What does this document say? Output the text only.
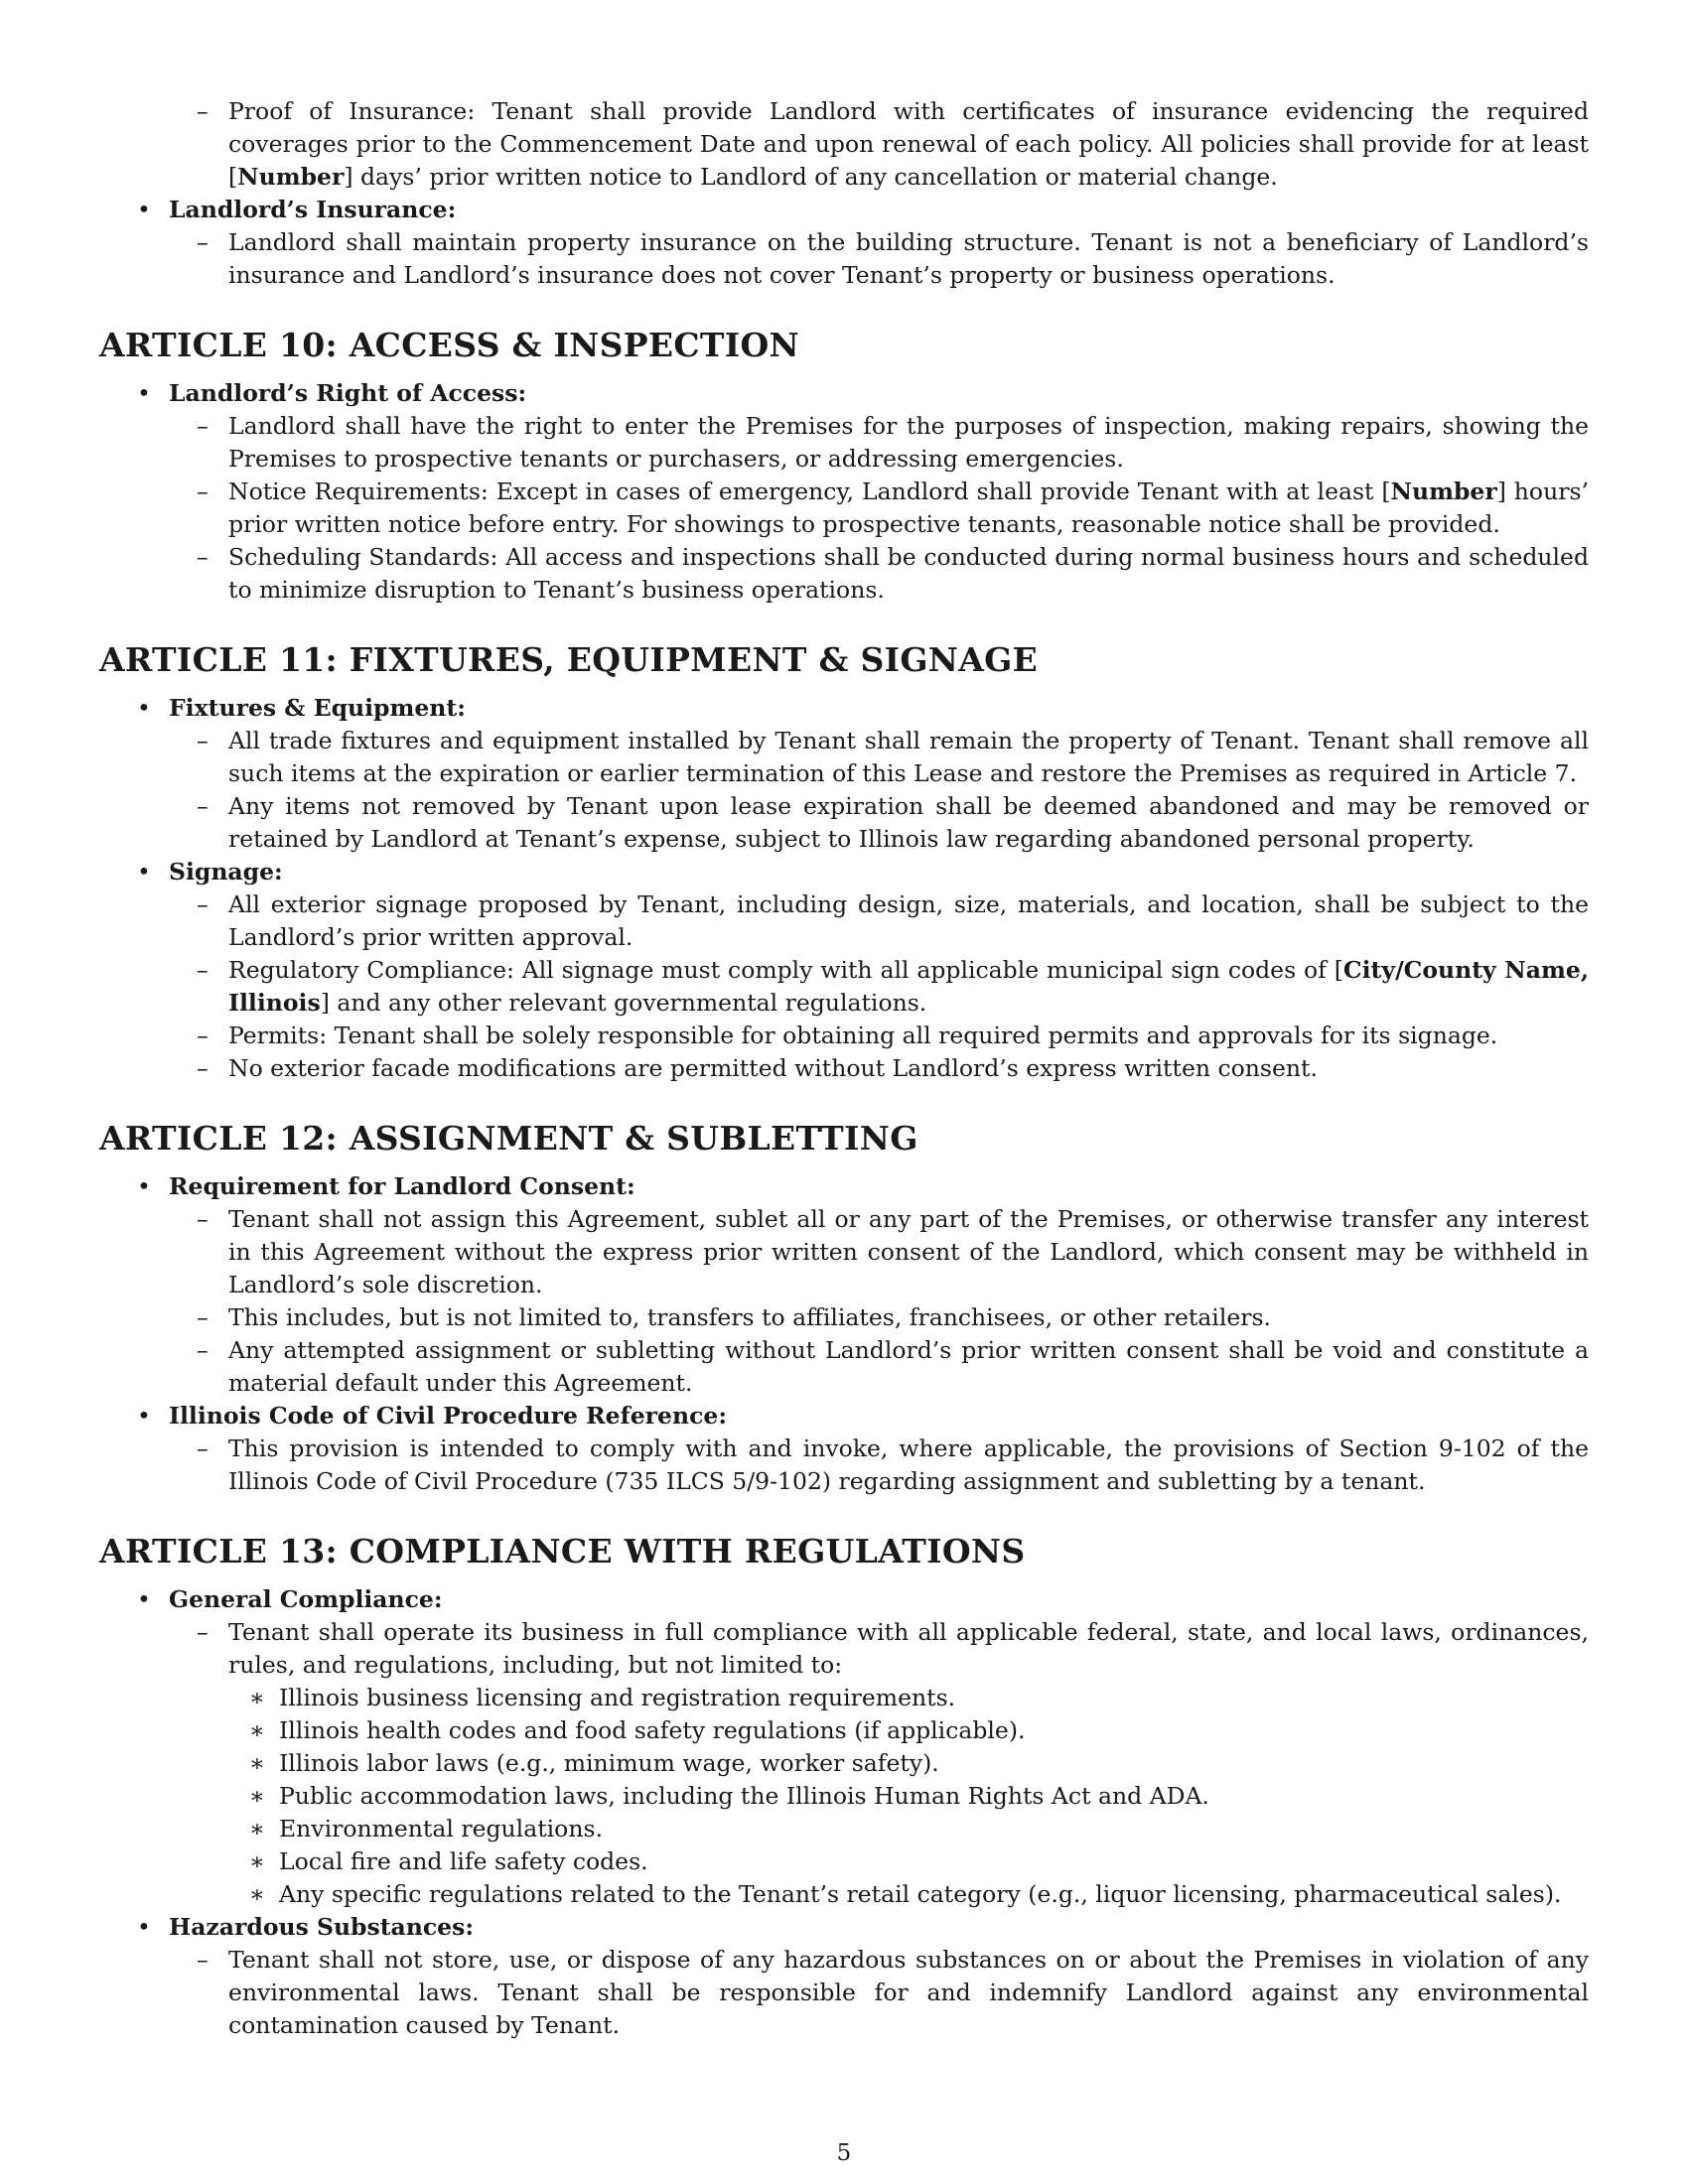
– Proof of Insurance: Tenant shall provide Landlord with certificates of insurance evidencing the required coverages prior to the Commencement Date and upon renewal of each policy. All policies shall provide for at least [Number] days’ prior written notice to Landlord of any cancellation or material change.
• Landlord’s Insurance:
– Landlord shall maintain property insurance on the building structure. Tenant is not a beneficiary of Landlord’s insurance and Landlord’s insurance does not cover Tenant’s property or business operations.
ARTICLE 10: ACCESS & INSPECTION
• Landlord’s Right of Access:
– Landlord shall have the right to enter the Premises for the purposes of inspection, making repairs, showing the Premises to prospective tenants or purchasers, or addressing emergencies.
– Notice Requirements: Except in cases of emergency, Landlord shall provide Tenant with at least [Number] hours’ prior written notice before entry. For showings to prospective tenants, reasonable notice shall be provided.
– Scheduling Standards: All access and inspections shall be conducted during normal business hours and scheduled to minimize disruption to Tenant’s business operations.
ARTICLE 11: FIXTURES, EQUIPMENT & SIGNAGE
• Fixtures & Equipment:
– All trade fixtures and equipment installed by Tenant shall remain the property of Tenant. Tenant shall remove all such items at the expiration or earlier termination of this Lease and restore the Premises as required in Article 7.
– Any items not removed by Tenant upon lease expiration shall be deemed abandoned and may be removed or retained by Landlord at Tenant’s expense, subject to Illinois law regarding abandoned personal property.
• Signage:
– All exterior signage proposed by Tenant, including design, size, materials, and location, shall be subject to the Landlord’s prior written approval.
– Regulatory Compliance: All signage must comply with all applicable municipal sign codes of [City/County Name, Illinois] and any other relevant governmental regulations.
– Permits: Tenant shall be solely responsible for obtaining all required permits and approvals for its signage.
– No exterior facade modifications are permitted without Landlord’s express written consent.
ARTICLE 12: ASSIGNMENT & SUBLETTING
• Requirement for Landlord Consent:
– Tenant shall not assign this Agreement, sublet all or any part of the Premises, or otherwise transfer any interest in this Agreement without the express prior written consent of the Landlord, which consent may be withheld in Landlord’s sole discretion.
– This includes, but is not limited to, transfers to affiliates, franchisees, or other retailers.
– Any attempted assignment or subletting without Landlord’s prior written consent shall be void and constitute a material default under this Agreement.
• Illinois Code of Civil Procedure Reference:
– This provision is intended to comply with and invoke, where applicable, the provisions of Section 9-102 of the Illinois Code of Civil Procedure (735 ILCS 5/9-102) regarding assignment and subletting by a tenant.
ARTICLE 13: COMPLIANCE WITH REGULATIONS
• General Compliance:
– Tenant shall operate its business in full compliance with all applicable federal, state, and local laws, ordinances, rules, and regulations, including, but not limited to:
∗ Illinois business licensing and registration requirements.
∗ Illinois health codes and food safety regulations (if applicable).
∗ Illinois labor laws (e.g., minimum wage, worker safety).
∗ Public accommodation laws, including the Illinois Human Rights Act and ADA.
∗ Environmental regulations.
∗ Local fire and life safety codes.
∗ Any specific regulations related to the Tenant’s retail category (e.g., liquor licensing, pharmaceutical sales).
• Hazardous Substances:
– Tenant shall not store, use, or dispose of any hazardous substances on or about the Premises in violation of any environmental laws. Tenant shall be responsible for and indemnify Landlord against any environmental contamination caused by Tenant.
5
